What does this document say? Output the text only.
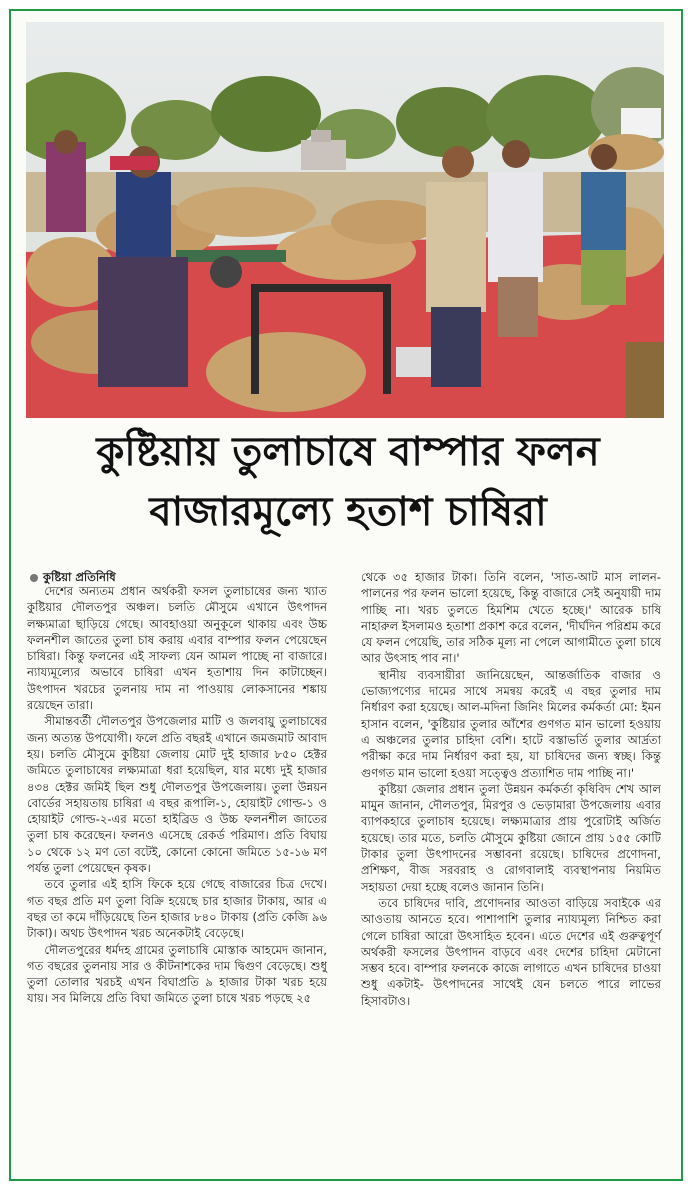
কুষ্টিয়ায় তুলাচাষে বাম্পার ফলন
বাজারমূল্যে হতাশ চাষিরা
কুষ্টিয়া প্রতিনিধি

দেশের অন্যতম প্রধান অর্থকরী ফসল তুলাচাষের জন্য খ্যাত কুষ্টিয়ার দৌলতপুর অঞ্চল। চলতি মৌসুমে এখানে উৎপাদন লক্ষ্যমাত্রা ছাড়িয়ে গেছে। আবহাওয়া অনুকূলে থাকায় এবং উচ্চ ফলনশীল জাতের তুলা চাষ করায় এবার বাম্পার ফলন পেয়েছেন চাষিরা। কিন্তু ফলনের এই সাফল্য যেন আমল পাচ্ছে না বাজারে। ন্যায্যমূল্যের অভাবে চাষিরা এখন হতাশায় দিন কাটাচ্ছেন। উৎপাদন খরচের তুলনায় দাম না পাওয়ায় লোকসানের শঙ্কায় রয়েছেন তারা।

সীমান্তবর্তী দৌলতপুর উপজেলার মাটি ও জলবায়ু তুলাচাষের জন্য অত্যন্ত উপযোগী। ফলে প্রতি বছরই এখানে জমজমাট আবাদ হয়। চলতি মৌসুমে কুষ্টিয়া জেলায় মোট দুই হাজার ৮৫০ হেক্টর জমিতে তুলাচাষের লক্ষ্যমাত্রা ধরা হয়েছিল, যার মধ্যে দুই হাজার ৪৩৪ হেক্টর জমিই ছিল শুধু দৌলতপুর উপজেলায়। তুলা উন্নয়ন বোর্ডের সহায়তায় চাষিরা এ বছর রূপালি-১, হোয়াইট গোল্ড-১ ও হোয়াইট গোল্ড-২-এর মতো হাইব্রিড ও উচ্চ ফলনশীল জাতের তুলা চাষ করেছেন। ফলনও এসেছে রেকর্ড পরিমাণ। প্রতি বিঘায় ১০ থেকে ১২ মণ তো বটেই, কোনো কোনো জমিতে ১৫-১৬ মণ পর্যন্ত তুলা পেয়েছেন কৃষক।

তবে তুলার এই হাসি ফিকে হয়ে গেছে বাজারের চিত্র দেখে। গত বছর প্রতি মণ তুলা বিক্রি হয়েছে চার হাজার টাকায়, আর এ বছর তা কমে দাঁড়িয়েছে তিন হাজার ৮৪০ টাকায় (প্রতি কেজি ৯৬ টাকা)। অথচ উৎপাদন খরচ অনেকটাই বেড়েছে।

দৌলতপুরের ধর্মদহ গ্রামের তুলাচাষি মোস্তাক আহমেদ জানান, গত বছরের তুলনায় সার ও কীটনাশকের দাম দ্বিগুণ বেড়েছে। শুধু তুলা তোলার খরচই এখন বিঘাপ্রতি ৯ হাজার টাকা খরচ হয়ে যায়। সব মিলিয়ে প্রতি বিঘা জমিতে তুলা চাষে খরচ পড়ছে ২৫

থেকে ৩৫ হাজার টাকা। তিনি বলেন, 'সাত-আট মাস লালন-পালনের পর ফলন ভালো হয়েছে, কিন্তু বাজারে সেই অনুযায়ী দাম পাচ্ছি না। খরচ তুলতে হিমশিম খেতে হচ্ছে।' আরেক চাষি নাহারুল ইসলামও হতাশা প্রকাশ করে বলেন, 'দীর্ঘদিন পরিশ্রম করে যে ফলন পেয়েছি, তার সঠিক মূল্য না পেলে আগামীতে তুলা চাষে আর উৎসাহ পাব না।'

স্থানীয় ব্যবসায়ীরা জানিয়েছেন, আন্তর্জাতিক বাজার ও ভোজ্যপণ্যের দামের সাথে সমন্বয় করেই এ বছর তুলার দাম নির্ধারণ করা হয়েছে। আল-মদিনা জিনিং মিলের কর্মকর্তা মো: ইমন হাসান বলেন, 'কুষ্টিয়ার তুলার আঁশের গুণগত মান ভালো হওয়ায় এ অঞ্চলের তুলার চাহিদা বেশি। হাটে বস্তাভর্তি তুলার আর্দ্রতা পরীক্ষা করে দাম নির্ধারণ করা হয়, যা চাষিদের জন্য স্বচ্ছ। কিন্তু গুণগত মান ভালো হওয়া সত্ত্বেও প্রত্যাশিত দাম পাচ্ছি না।'

কুষ্টিয়া জেলার প্রধান তুলা উন্নয়ন কর্মকর্তা কৃষিবিদ শেখ আল মামুন জানান, দৌলতপুর, মিরপুর ও ভেড়ামারা উপজেলায় এবার ব্যাপকহারে তুলাচাষ হয়েছে। লক্ষ্যমাত্রার প্রায় পুরোটাই অর্জিত হয়েছে। তার মতে, চলতি মৌসুমে কুষ্টিয়া জোনে প্রায় ১৫৫ কোটি টাকার তুলা উৎপাদনের সম্ভাবনা রয়েছে। চাষিদের প্রণোদনা, প্রশিক্ষণ, বীজ সরবরাহ ও রোগবালাই ব্যবস্থাপনায় নিয়মিত সহায়তা দেয়া হচ্ছে বলেও জানান তিনি।

তবে চাষিদের দাবি, প্রণোদনার আওতা বাড়িয়ে সবাইকে এর আওতায় আনতে হবে। পাশাপাশি তুলার ন্যায্যমূল্য নিশ্চিত করা গেলে চাষিরা আরো উৎসাহিত হবেন। এতে দেশের এই গুরুত্বপূর্ণ অর্থকরী ফসলের উৎপাদন বাড়বে এবং দেশের চাহিদা মেটানো সম্ভব হবে। বাম্পার ফলনকে কাজে লাগাতে এখন চাষিদের চাওয়া শুধু একটাই- উৎপাদনের সাথেই যেন চলতে পারে লাভের হিসাবটাও।
